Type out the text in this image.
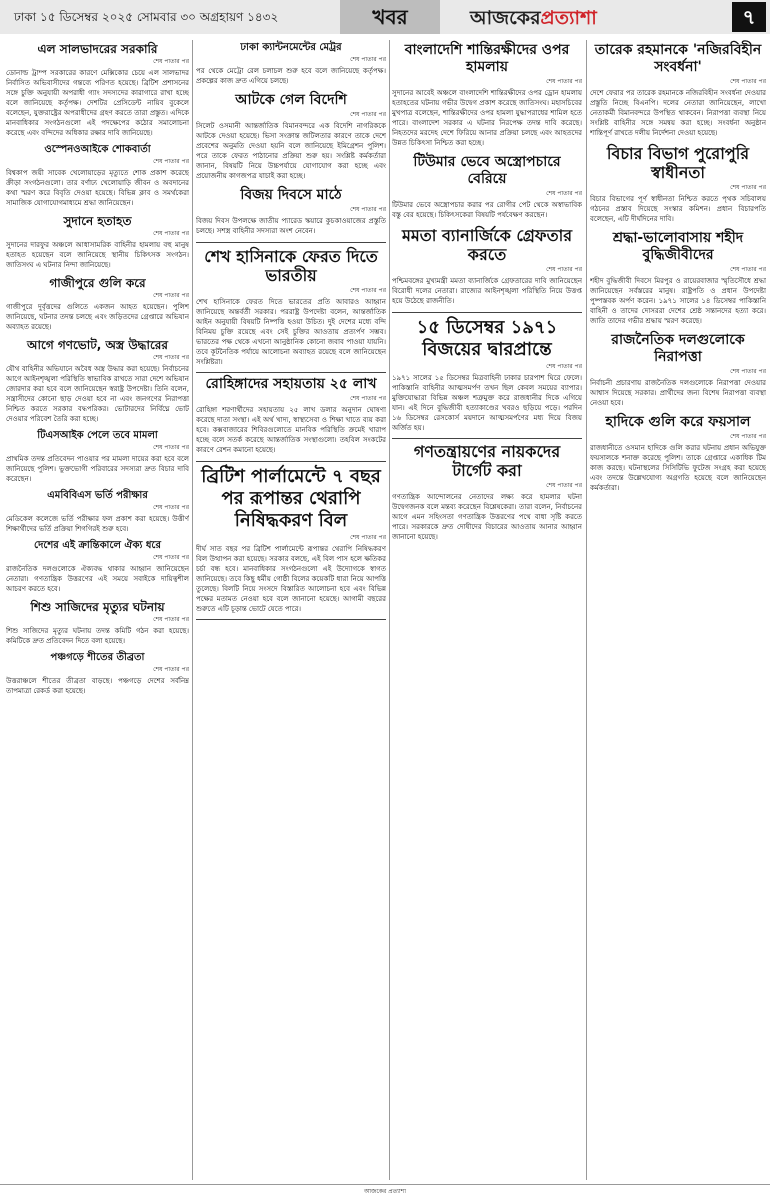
ঢাকা ১৫ ডিসেম্বর ২০২৫ সোমবার ৩০ অগ্রহায়ণ ১৪৩২	খবর	আজকেরপ্রত্যাশা	৭
এল সালভাদরের সরকারি
শেষ পাতার পর

ডোনাল্ড ট্রাম্প সরকারের কারণে মেক্সিকোর চেয়ে এল সালভাদর নির্বাসিত অভিবাসীদের গন্তব্যে পরিণত হয়েছে। ব্রিটিশ প্রশাসনের সঙ্গে চুক্তি অনুযায়ী অপরাধী গ্যাং সদস্যদের কারাগারে রাখা হচ্ছে বলে জানিয়েছে কর্তৃপক্ষ। দেশটির প্রেসিডেন্ট নায়িব বুকেলে বলেছেন, যুক্তরাষ্ট্রের অপরাধীদের গ্রহণ করতে তারা প্রস্তুত। এদিকে মানবাধিকার সংগঠনগুলো এই পদক্ষেপের কঠোর সমালোচনা করেছে এবং বন্দিদের অধিকার রক্ষার দাবি জানিয়েছে।

ওস্পেনওআইকে শোকবার্তা
শেষ পাতার পর

বিশ্বকাপ জয়ী সাবেক খেলোয়াড়ের মৃত্যুতে শোক প্রকাশ করেছে ক্রীড়া সংগঠনগুলো। তার বর্ণাঢ্য খেলোয়াড়ি জীবন ও অবদানের কথা স্মরণ করে বিবৃতি দেওয়া হয়েছে। বিভিন্ন ক্লাব ও সমর্থকেরা সামাজিক যোগাযোগমাধ্যমে শ্রদ্ধা জানিয়েছেন।

সুদানে হতাহত
শেষ পাতার পর

সুদানের দারফুর অঞ্চলে আধাসামরিক বাহিনীর হামলায় বহু মানুষ হতাহত হয়েছেন বলে জানিয়েছে স্থানীয় চিকিৎসক সংগঠন। জাতিসংঘ এ ঘটনার নিন্দা জানিয়েছে।

গাজীপুরে গুলি করে
শেষ পাতার পর

গাজীপুরে দুর্বৃত্তদের গুলিতে একজন আহত হয়েছেন। পুলিশ জানিয়েছে, ঘটনার তদন্ত চলছে এবং জড়িতদের গ্রেপ্তারে অভিযান অব্যাহত রয়েছে।

আগে গণভোট, অস্ত্র উদ্ধারের
শেষ পাতার পর

যৌথ বাহিনীর অভিযানে অবৈধ অস্ত্র উদ্ধার করা হয়েছে। নির্বাচনের আগে আইনশৃঙ্খলা পরিস্থিতি স্বাভাবিক রাখতে সারা দেশে অভিযান জোরদার করা হবে বলে জানিয়েছেন স্বরাষ্ট্র উপদেষ্টা। তিনি বলেন, সন্ত্রাসীদের কোনো ছাড় দেওয়া হবে না এবং জনগণের নিরাপত্তা নিশ্চিত করতে সরকার বদ্ধপরিকর। ভোটারদের নির্বিঘ্নে ভোট দেওয়ার পরিবেশ তৈরি করা হচ্ছে।

টিএসআইক পেলে তবে মামলা
শেষ পাতার পর

প্রাথমিক তদন্ত প্রতিবেদন পাওয়ার পর মামলা দায়ের করা হবে বলে জানিয়েছে পুলিশ। ভুক্তভোগী পরিবারের সদস্যরা দ্রুত বিচার দাবি করেছেন।

এমবিবিএস ভর্তি পরীক্ষার
শেষ পাতার পর

মেডিকেল কলেজে ভর্তি পরীক্ষার ফল প্রকাশ করা হয়েছে। উত্তীর্ণ শিক্ষার্থীদের ভর্তি প্রক্রিয়া শিগগিরই শুরু হবে।

দেশের এই ক্রান্তিকালে ঐক্য ধরে
শেষ পাতার পর

রাজনৈতিক দলগুলোকে ঐক্যবদ্ধ থাকার আহ্বান জানিয়েছেন নেতারা। গণতান্ত্রিক উত্তরণের এই সময়ে সবাইকে দায়িত্বশীল আচরণ করতে হবে।

শিশু সাজিদের মৃত্যুর ঘটনায়
শেষ পাতার পর

শিশু সাজিদের মৃত্যুর ঘটনায় তদন্ত কমিটি গঠন করা হয়েছে। কমিটিকে দ্রুত প্রতিবেদন দিতে বলা হয়েছে।

পঞ্চগড়ে শীতের তীব্রতা
শেষ পাতার পর

উত্তরাঞ্চলে শীতের তীব্রতা বাড়ছে। পঞ্চগড়ে দেশের সর্বনিম্ন তাপমাত্রা রেকর্ড করা হয়েছে।

ঢাকা ক্যান্টনমেন্টের মেট্রর
শেষ পাতার পর

পর থেকে মেট্রো রেল চলাচল শুরু হবে বলে জানিয়েছে কর্তৃপক্ষ। প্রকল্পের কাজ দ্রুত এগিয়ে চলছে।

আটকে গেল বিদেশি
শেষ পাতার পর

সিলেট ওসমানী আন্তর্জাতিক বিমানবন্দরে এক বিদেশি নাগরিককে আটকে দেওয়া হয়েছে। ভিসা সংক্রান্ত জটিলতার কারণে তাকে দেশে প্রবেশের অনুমতি দেওয়া হয়নি বলে জানিয়েছে ইমিগ্রেশন পুলিশ। পরে তাকে ফেরত পাঠানোর প্রক্রিয়া শুরু হয়। সংশ্লিষ্ট কর্মকর্তারা জানান, বিষয়টি নিয়ে উচ্চপর্যায়ে যোগাযোগ করা হচ্ছে এবং প্রয়োজনীয় কাগজপত্র যাচাই করা হচ্ছে।

বিজয় দিবসে মাঠে
শেষ পাতার পর

বিজয় দিবস উপলক্ষে জাতীয় প্যারেড স্কয়ারে কুচকাওয়াজের প্রস্তুতি চলছে। সশস্ত্র বাহিনীর সদস্যরা অংশ নেবেন।

শেখ হাসিনাকে ফেরত দিতে ভারতীয়
শেষ পাতার পর

শেখ হাসিনাকে ফেরত দিতে ভারতের প্রতি আবারও আহ্বান জানিয়েছে অন্তর্বর্তী সরকার। পররাষ্ট্র উপদেষ্টা বলেন, আন্তর্জাতিক আইন অনুযায়ী বিষয়টি নিষ্পত্তি হওয়া উচিত। দুই দেশের মধ্যে বন্দি বিনিময় চুক্তি রয়েছে এবং সেই চুক্তির আওতায় প্রত্যর্পণ সম্ভব। ভারতের পক্ষ থেকে এখনো আনুষ্ঠানিক কোনো জবাব পাওয়া যায়নি। তবে কূটনৈতিক পর্যায়ে আলোচনা অব্যাহত রয়েছে বলে জানিয়েছেন সংশ্লিষ্টরা।

রোহিঙ্গাদের সহায়তায় ২৫ লাখ
শেষ পাতার পর

রোহিঙ্গা শরণার্থীদের সহায়তায় ২৫ লাখ ডলার অনুদান ঘোষণা করেছে দাতা সংস্থা। এই অর্থ খাদ্য, স্বাস্থ্যসেবা ও শিক্ষা খাতে ব্যয় করা হবে। কক্সবাজারের শিবিরগুলোতে মানবিক পরিস্থিতি ক্রমেই খারাপ হচ্ছে বলে সতর্ক করেছে আন্তর্জাতিক সংস্থাগুলো। তহবিল সংকটের কারণে রেশন কমানো হয়েছে।

ব্রিটিশ পার্লামেন্টে ৭ বছর পর রূপান্তর থেরাপি নিষিদ্ধকরণ বিল
শেষ পাতার পর

দীর্ঘ সাত বছর পর ব্রিটিশ পার্লামেন্টে রূপান্তর থেরাপি নিষিদ্ধকরণ বিল উত্থাপন করা হয়েছে। সরকার বলছে, এই বিল পাস হলে ক্ষতিকর চর্চা বন্ধ হবে। মানবাধিকার সংগঠনগুলো এই উদ্যোগকে স্বাগত জানিয়েছে। তবে কিছু ধর্মীয় গোষ্ঠী বিলের কয়েকটি ধারা নিয়ে আপত্তি তুলেছে। বিলটি নিয়ে সংসদে বিস্তারিত আলোচনা হবে এবং বিভিন্ন পক্ষের মতামত নেওয়া হবে বলে জানানো হয়েছে। আগামী বছরের শুরুতে এটি চূড়ান্ত ভোটে যেতে পারে।

বাংলাদেশি শান্তিরক্ষীদের ওপর হামলায়
শেষ পাতার পর

সুদানের আবেই অঞ্চলে বাংলাদেশি শান্তিরক্ষীদের ওপর ড্রোন হামলায় হতাহতের ঘটনায় গভীর উদ্বেগ প্রকাশ করেছে জাতিসংঘ। মহাসচিবের মুখপাত্র বলেছেন, শান্তিরক্ষীদের ওপর হামলা যুদ্ধাপরাধের শামিল হতে পারে। বাংলাদেশ সরকার এ ঘটনার নিরপেক্ষ তদন্ত দাবি করেছে। নিহতদের মরদেহ দেশে ফিরিয়ে আনার প্রক্রিয়া চলছে এবং আহতদের উন্নত চিকিৎসা নিশ্চিত করা হচ্ছে।

টিউমার ভেবে অস্ত্রোপচারে বেরিয়ে
শেষ পাতার পর

টিউমার ভেবে অস্ত্রোপচার করার পর রোগীর পেট থেকে অস্বাভাবিক বস্তু বের হয়েছে। চিকিৎসকেরা বিষয়টি পর্যবেক্ষণ করছেন।

মমতা ব্যানার্জিকে গ্রেফতার করতে
শেষ পাতার পর

পশ্চিমবঙ্গের মুখ্যমন্ত্রী মমতা ব্যানার্জিকে গ্রেফতারের দাবি জানিয়েছেন বিরোধী দলের নেতারা। রাজ্যের আইনশৃঙ্খলা পরিস্থিতি নিয়ে উত্তপ্ত হয়ে উঠেছে রাজনীতি।

১৫ ডিসেম্বর ১৯৭১ বিজয়ের দ্বারপ্রান্তে
শেষ পাতার পর

১৯৭১ সালের ১৫ ডিসেম্বর মিত্রবাহিনী ঢাকার চারপাশ ঘিরে ফেলে। পাকিস্তানি বাহিনীর আত্মসমর্পণ তখন ছিল কেবল সময়ের ব্যাপার। মুক্তিযোদ্ধারা বিভিন্ন অঞ্চল শত্রুমুক্ত করে রাজধানীর দিকে এগিয়ে যান। এই দিনে বুদ্ধিজীবী হত্যাকাণ্ডের খবরও ছড়িয়ে পড়ে। পরদিন ১৬ ডিসেম্বর রেসকোর্স ময়দানে আত্মসমর্পণের মধ্য দিয়ে বিজয় অর্জিত হয়।

গণতন্ত্রায়ণের নায়কদের টার্গেট করা
শেষ পাতার পর

গণতান্ত্রিক আন্দোলনের নেতাদের লক্ষ্য করে হামলার ঘটনা উদ্বেগজনক বলে মন্তব্য করেছেন বিশ্লেষকেরা। তারা বলেন, নির্বাচনের আগে এমন সহিংসতা গণতান্ত্রিক উত্তরণের পথে বাধা সৃষ্টি করতে পারে। সরকারকে দ্রুত দোষীদের বিচারের আওতায় আনার আহ্বান জানানো হয়েছে।

তারেক রহমানকে 'নজিরবিহীন সংবর্ধনা'
শেষ পাতার পর

দেশে ফেরার পর তারেক রহমানকে নজিরবিহীন সংবর্ধনা দেওয়ার প্রস্তুতি নিচ্ছে বিএনপি। দলের নেতারা জানিয়েছেন, লাখো নেতাকর্মী বিমানবন্দরে উপস্থিত থাকবেন। নিরাপত্তা ব্যবস্থা নিয়ে সংশ্লিষ্ট বাহিনীর সঙ্গে সমন্বয় করা হচ্ছে। সংবর্ধনা অনুষ্ঠান শান্তিপূর্ণ রাখতে দলীয় নির্দেশনা দেওয়া হয়েছে।

বিচার বিভাগ পুরোপুরি স্বাধীনতা
শেষ পাতার পর

বিচার বিভাগের পূর্ণ স্বাধীনতা নিশ্চিত করতে পৃথক সচিবালয় গঠনের প্রস্তাব দিয়েছে সংস্কার কমিশন। প্রধান বিচারপতি বলেছেন, এটি দীর্ঘদিনের দাবি।

শ্রদ্ধা-ভালোবাসায় শহীদ বুদ্ধিজীবীদের
শেষ পাতার পর

শহীদ বুদ্ধিজীবী দিবসে মিরপুর ও রায়েরবাজার স্মৃতিসৌধে শ্রদ্ধা জানিয়েছেন সর্বস্তরের মানুষ। রাষ্ট্রপতি ও প্রধান উপদেষ্টা পুষ্পস্তবক অর্পণ করেন। ১৯৭১ সালের ১৪ ডিসেম্বর পাকিস্তানি বাহিনী ও তাদের দোসররা দেশের শ্রেষ্ঠ সন্তানদের হত্যা করে। জাতি তাদের গভীর শ্রদ্ধায় স্মরণ করেছে।

রাজনৈতিক দলগুলোকে নিরাপত্তা
শেষ পাতার পর

নির্বাচনী প্রচারণায় রাজনৈতিক দলগুলোকে নিরাপত্তা দেওয়ার আশ্বাস দিয়েছে সরকার। প্রার্থীদের জন্য বিশেষ নিরাপত্তা ব্যবস্থা নেওয়া হবে।

হাদিকে গুলি করে ফয়সাল
শেষ পাতার পর

রাজধানীতে ওসমান হাদিকে গুলি করার ঘটনায় প্রধান অভিযুক্ত ফয়সালকে শনাক্ত করেছে পুলিশ। তাকে গ্রেপ্তারে একাধিক টিম কাজ করছে। ঘটনাস্থলের সিসিটিভি ফুটেজ সংগ্রহ করা হয়েছে এবং তদন্তে উল্লেখযোগ্য অগ্রগতি হয়েছে বলে জানিয়েছেন কর্মকর্তারা।

আজকের প্রত্যাশা
